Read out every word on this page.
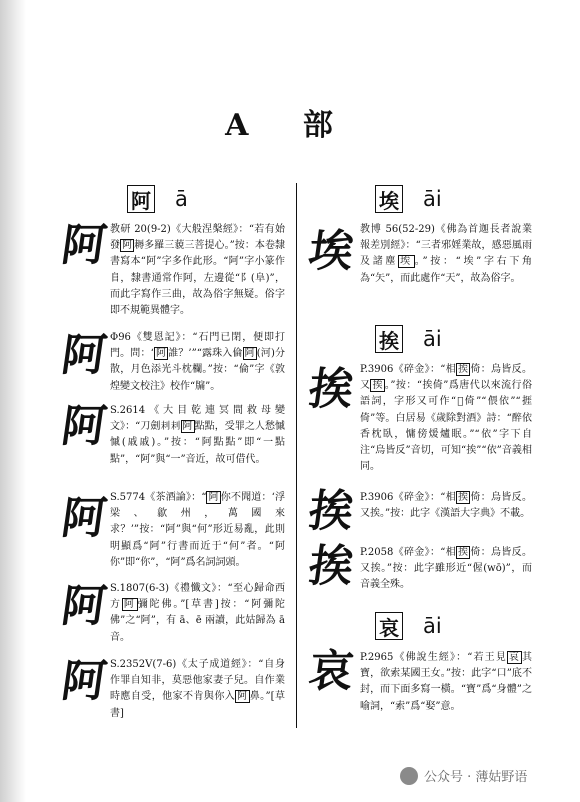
A 部
阿 ā	埃 āi
挨 āi
哀 āi
阿
阿
阿
阿
阿
阿
埃
挨
挨
挨
哀

教研 20(9-2)《大般涅槃經》：“若有始發 阿 耨多羅三藐三菩提心。”按：本卷隸書寫本“阿”字多作此形。“阿”字小篆作𨸏，隸書通常作阿，左邊從“阝(阜)”，而此字寫作三曲，故為俗字無疑。俗字即不規範異體字。

Φ96《雙恩記》：“石門已閉，便即打門。問：‘ 阿 誰？’”“露珠入倫 阿 (河)分散，月色添光斗枕欄。”按：“倫”字《敦煌變文校注》校作“牖”。

S.2614《大目乾連冥間救母變文》：“刀劍𠛐𠛐 阿 點點，受罪之人愁慽慽(戚戚)。”按：“阿點點”即“一點點”，“阿”與“一”音近，故可借代。

S.5774《茶酒論》：“ 阿 你不聞道：‘浮梁、歙州，萬國來求？’”按：“阿”與“何”形近易亂，此則明顯爲“阿”行書而近于“何”者。“阿你”即“你”，“阿”爲名詞詞頭。

S.1807(6-3)《禮懺文》：“至心歸命西方 阿 彌陀佛。”[草書]按：“阿彌陀佛”之“阿”，有 ā、ē 兩讀，此姑歸為 ā 音。

S.2352V(7-6)《太子成道經》：“自身作罪自知非，莫惡他家妻子兒。自作業時應自受，他家不肯與你入 阿 鼻。”[草書]

教博 56(52-29)《佛為首迦長者說業報差別經》：“三者邪婬業故，感惡風雨及諸塵 埃 。”按：“埃”字右下角為“矢”，而此處作“天”，故為俗字。

P.3906《碎金》：“相 挨 倚：烏皆反。又 挨 。”按：“挨倚”爲唐代以來流行俗語詞，字形又可作“𢹿倚”“偎依”“捱倚”等。白居易《歲除對酒》詩：“醉依香枕臥，慵傍煖爐眠。”“依”字下自注“烏皆反”音切，可知“挨”“依”音義相同。

P.3906《碎金》：“相 挨 倚：烏皆反。又挨。”按：此字《漢語大字典》不載。

P.2058《碎金》：“相 挨 倚：烏皆反。又挨。”按：此字雖形近“偓(wō)”，而音義全殊。

P.2965《佛說生經》：“若王見 哀 其寶，欲索某國王女。”按：此字“口”底不封，而下面多寫一橫。“寶”爲“身體”之喻詞，“索”爲“娶”意。

公众号 · 薄姑野语
